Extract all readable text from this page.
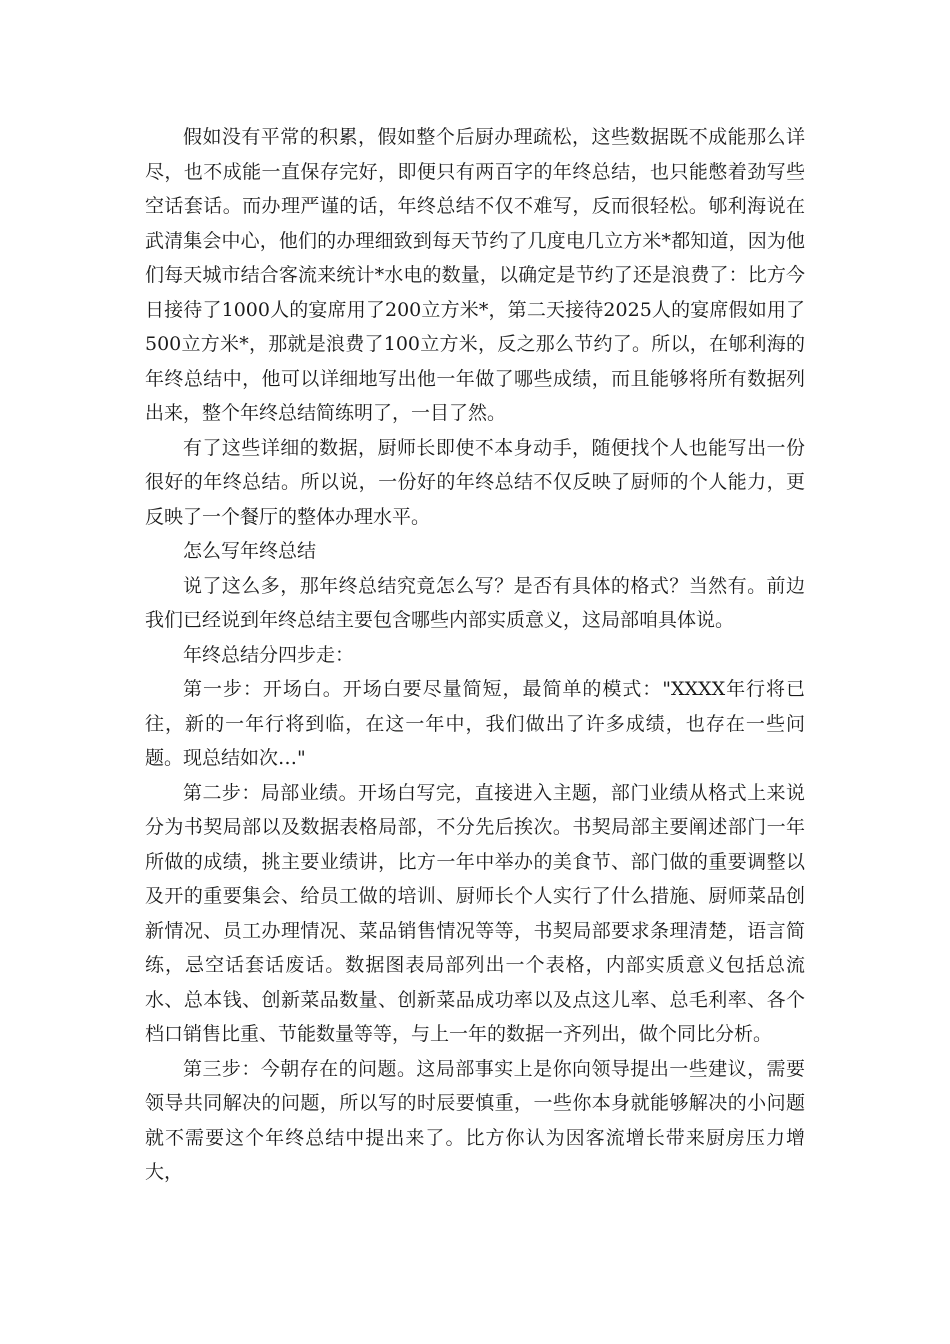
假如没有平常的积累，假如整个后厨办理疏松，这些数据既不成能那么详尽，也不成能一直保存完好，即便只有两百字的年终总结，也只能憋着劲写些空话套话。而办理严谨的话，年终总结不仅不难写，反而很轻松。郇利海说在武清集会中心，他们的办理细致到每天节约了几度电几立方米*都知道，因为他们每天城市结合客流来统计*水电的数量，以确定是节约了还是浪费了：比方今日接待了1000人的宴席用了200立方米*，第二天接待2025人的宴席假如用了500立方米*，那就是浪费了100立方米，反之那么节约了。所以，在郇利海的年终总结中，他可以详细地写出他一年做了哪些成绩，而且能够将所有数据列出来，整个年终总结简练明了，一目了然。

有了这些详细的数据，厨师长即使不本身动手，随便找个人也能写出一份很好的年终总结。所以说，一份好的年终总结不仅反映了厨师的个人能力，更反映了一个餐厅的整体办理水平。

怎么写年终总结

说了这么多，那年终总结究竟怎么写？是否有具体的格式？当然有。前边我们已经说到年终总结主要包含哪些内部实质意义，这局部咱具体说。

年终总结分四步走：

第一步：开场白。开场白要尽量简短，最简单的模式："XXXX年行将已往，新的一年行将到临，在这一年中，我们做出了许多成绩，也存在一些问题。现总结如次…"

第二步：局部业绩。开场白写完，直接进入主题，部门业绩从格式上来说分为书契局部以及数据表格局部，不分先后挨次。书契局部主要阐述部门一年所做的成绩，挑主要业绩讲，比方一年中举办的美食节、部门做的重要调整以及开的重要集会、给员工做的培训、厨师长个人实行了什么措施、厨师菜品创新情况、员工办理情况、菜品销售情况等等，书契局部要求条理清楚，语言简练，忌空话套话废话。数据图表局部列出一个表格，内部实质意义包括总流水、总本钱、创新菜品数量、创新菜品成功率以及点这儿率、总毛利率、各个档口销售比重、节能数量等等，与上一年的数据一齐列出，做个同比分析。

第三步：今朝存在的问题。这局部事实上是你向领导提出一些建议，需要领导共同解决的问题，所以写的时辰要慎重，一些你本身就能够解决的小问题就不需要这个年终总结中提出来了。比方你认为因客流增长带来厨房压力增大，
